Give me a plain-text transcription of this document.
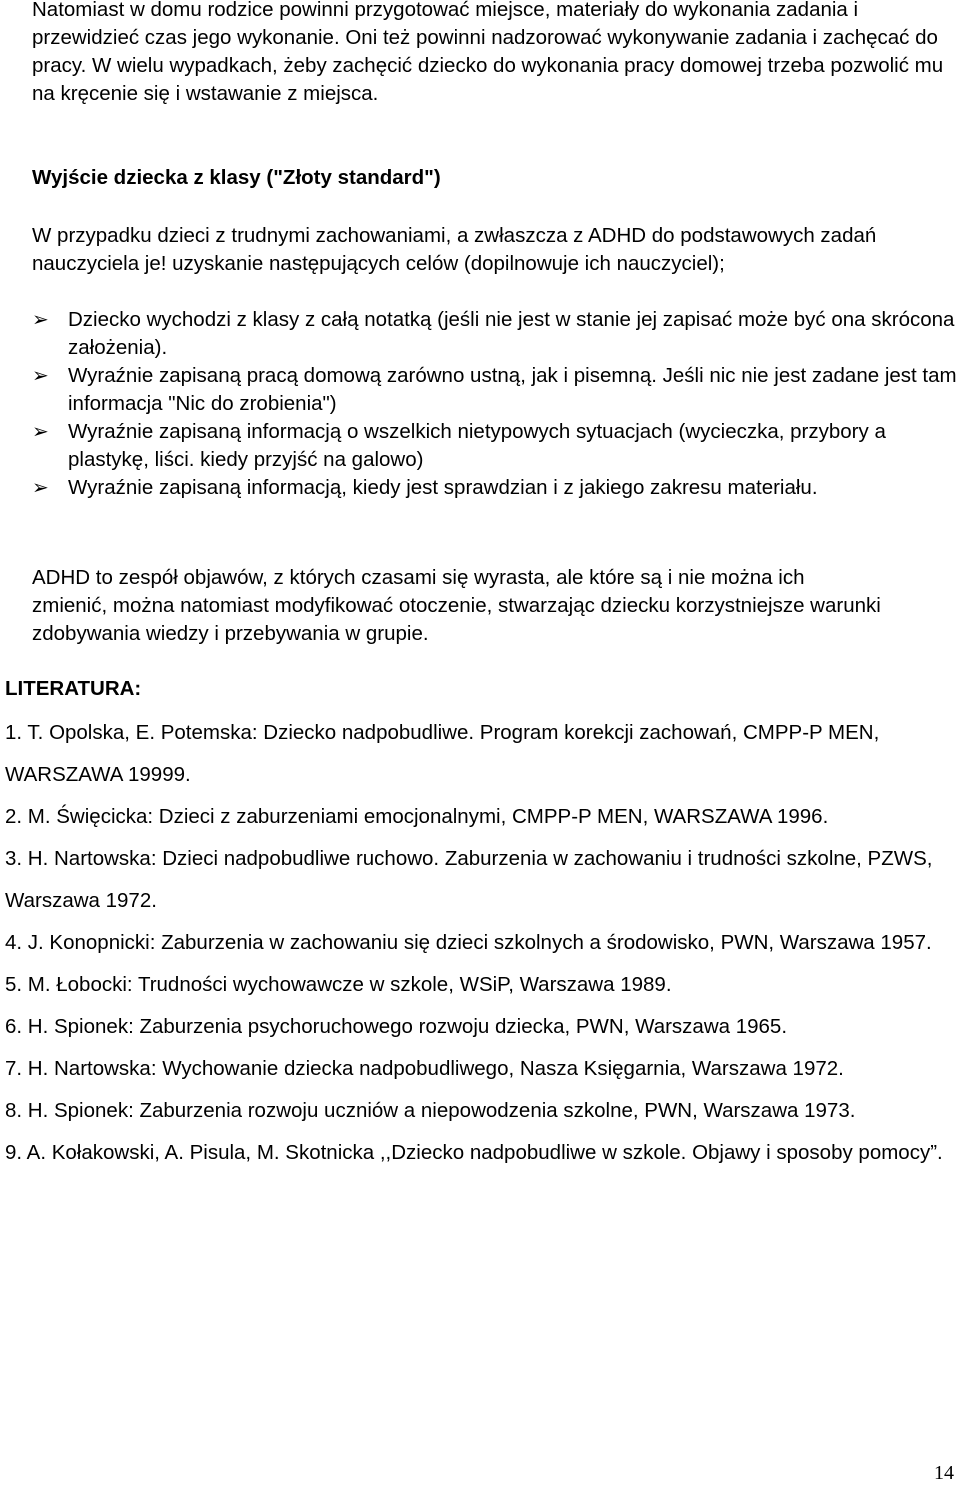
Natomiast w domu rodzice powinni przygotować miejsce, materiały do wykonania zadania i przewidzieć czas jego wykonanie. Oni też powinni nadzorować wykonywanie zadania i zachęcać do pracy. W wielu wypadkach, żeby zachęcić dziecko do wykonania pracy domowej trzeba pozwolić mu na kręcenie się i wstawanie z miejsca.

Wyjście dziecka z klasy ("Złoty standard")

W przypadku dzieci z trudnymi zachowaniami, a zwłaszcza z ADHD do podstawowych zadań nauczyciela je! uzyskanie następujących celów (dopilnowuje ich nauczyciel);

➢ Dziecko wychodzi z klasy z całą notatką (jeśli nie jest w stanie jej zapisać może być ona skrócona założenia).
➢ Wyraźnie zapisaną pracą domową zarówno ustną, jak i pisemną. Jeśli nic nie jest zadane jest tam informacja "Nic do zrobienia")
➢ Wyraźnie zapisaną informacją o wszelkich nietypowych sytuacjach (wycieczka, przybory a plastykę, liści. kiedy przyjść na galowo)
➢ Wyraźnie zapisaną informacją, kiedy jest sprawdzian i z jakiego zakresu materiału.
ADHD to zespół objawów, z których czasami się wyrasta, ale które są i nie można ich
zmienić, można natomiast modyfikować otoczenie, stwarzając dziecku korzystniejsze warunki zdobywania wiedzy i przebywania w grupie.

LITERATURA:

1. T. Opolska, E. Potemska: Dziecko nadpobudliwe. Program korekcji zachowań, CMPP-P MEN, WARSZAWA 19999.
2. M. Święcicka: Dzieci z zaburzeniami emocjonalnymi, CMPP-P MEN, WARSZAWA 1996.
3. H. Nartowska: Dzieci nadpobudliwe ruchowo. Zaburzenia w zachowaniu i trudności szkolne, PZWS, Warszawa 1972.
4. J. Konopnicki: Zaburzenia w zachowaniu się dzieci szkolnych a środowisko, PWN, Warszawa 1957.
5. M. Łobocki: Trudności wychowawcze w szkole, WSiP, Warszawa 1989.
6. H. Spionek: Zaburzenia psychoruchowego rozwoju dziecka, PWN, Warszawa 1965.
7. H. Nartowska: Wychowanie dziecka nadpobudliwego, Nasza Księgarnia, Warszawa 1972.
8. H. Spionek: Zaburzenia rozwoju uczniów a niepowodzenia szkolne, PWN, Warszawa 1973.
9. A. Kołakowski, A. Pisula, M. Skotnicka ,,Dziecko nadpobudliwe w szkole. Objawy i sposoby pomocy”.
14
